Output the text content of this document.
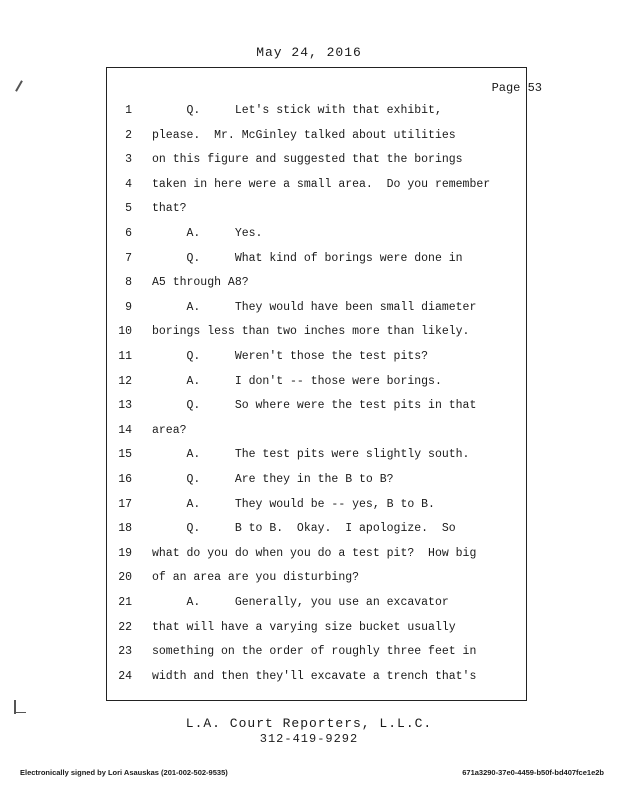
May 24, 2016
Page 53
1 Q.     Let's stick with that exhibit,
2 please.  Mr. McGinley talked about utilities
3 on this figure and suggested that the borings
4 taken in here were a small area.  Do you remember
5 that?
6 A.     Yes.
7 Q.     What kind of borings were done in
8 A5 through A8?
9 A.     They would have been small diameter
10 borings less than two inches more than likely.
11 Q.     Weren't those the test pits?
12 A.     I don't -- those were borings.
13 Q.     So where were the test pits in that
14 area?
15 A.     The test pits were slightly south.
16 Q.     Are they in the B to B?
17 A.     They would be -- yes, B to B.
18 Q.     B to B.  Okay.  I apologize.  So
19 what do you do when you do a test pit?  How big
20 of an area are you disturbing?
21 A.     Generally, you use an excavator
22 that will have a varying size bucket usually
23 something on the order of roughly three feet in
24 width and then they'll excavate a trench that's
L.A. Court Reporters, L.L.C.
312-419-9292
Electronically signed by Lori Asauskas (201-002-502-9535)	671a3290-37e0-4459-b50f-bd407fce1e2b
